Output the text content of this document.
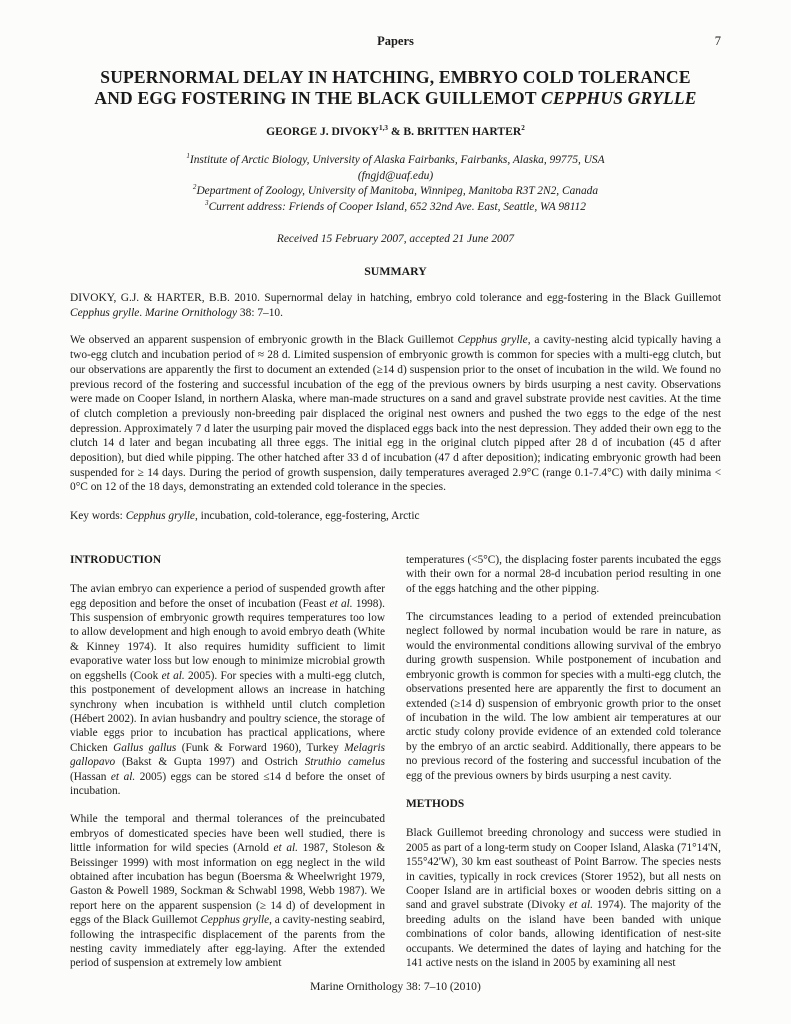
Papers	7
SUPERNORMAL DELAY IN HATCHING, EMBRYO COLD TOLERANCE
AND EGG FOSTERING IN THE BLACK GUILLEMOT CEPPHUS GRYLLE
GEORGE J. DIVOKY$^{1,3}$ & B. BRITTEN HARTER$^2$
$^1$Institute of Arctic Biology, University of Alaska Fairbanks, Fairbanks, Alaska, 99775, USA
(fngjd@uaf.edu)
$^2$Department of Zoology, University of Manitoba, Winnipeg, Manitoba R3T 2N2, Canada
$^3$Current address: Friends of Cooper Island, 652 32nd Ave. East, Seattle, WA 98112
Received 15 February 2007, accepted 21 June 2007
SUMMARY

DIVOKY, G.J. & HARTER, B.B. 2010. Supernormal delay in hatching, embryo cold tolerance and egg-fostering in the Black Guillemot Cepphus grylle. Marine Ornithology 38: 7–10.

We observed an apparent suspension of embryonic growth in the Black Guillemot Cepphus grylle, a cavity-nesting alcid typically having a two-egg clutch and incubation period of ≈ 28 d. Limited suspension of embryonic growth is common for species with a multi-egg clutch, but our observations are apparently the first to document an extended (≥14 d) suspension prior to the onset of incubation in the wild. We found no previous record of the fostering and successful incubation of the egg of the previous owners by birds usurping a nest cavity. Observations were made on Cooper Island, in northern Alaska, where man-made structures on a sand and gravel substrate provide nest cavities. At the time of clutch completion a previously non-breeding pair displaced the original nest owners and pushed the two eggs to the edge of the nest depression. Approximately 7 d later the usurping pair moved the displaced eggs back into the nest depression. They added their own egg to the clutch 14 d later and began incubating all three eggs. The initial egg in the original clutch pipped after 28 d of incubation (45 d after deposition), but died while pipping. The other hatched after 33 d of incubation (47 d after deposition); indicating embryonic growth had been suspended for ≥ 14 days. During the period of growth suspension, daily temperatures averaged 2.9°C (range 0.1-7.4°C) with daily minima < 0°C on 12 of the 18 days, demonstrating an extended cold tolerance in the species.

Key words: Cepphus grylle, incubation, cold-tolerance, egg-fostering, Arctic

INTRODUCTION

The avian embryo can experience a period of suspended growth after egg deposition and before the onset of incubation (Feast et al. 1998). This suspension of embryonic growth requires temperatures too low to allow development and high enough to avoid embryo death (White & Kinney 1974). It also requires humidity sufficient to limit evaporative water loss but low enough to minimize microbial growth on eggshells (Cook et al. 2005). For species with a multi-egg clutch, this postponement of development allows an increase in hatching synchrony when incubation is withheld until clutch completion (Hébert 2002). In avian husbandry and poultry science, the storage of viable eggs prior to incubation has practical applications, where Chicken Gallus gallus (Funk & Forward 1960), Turkey Melagris gallopavo (Bakst & Gupta 1997) and Ostrich Struthio camelus (Hassan et al. 2005) eggs can be stored ≤14 d before the onset of incubation.

While the temporal and thermal tolerances of the preincubated embryos of domesticated species have been well studied, there is little information for wild species (Arnold et al. 1987, Stoleson & Beissinger 1999) with most information on egg neglect in the wild obtained after incubation has begun (Boersma & Wheelwright 1979, Gaston & Powell 1989, Sockman & Schwabl 1998, Webb 1987). We report here on the apparent suspension (≥ 14 d) of development in eggs of the Black Guillemot Cepphus grylle, a cavity-nesting seabird, following the intraspecific displacement of the parents from the nesting cavity immediately after egg-laying. After the extended period of suspension at extremely low ambient

temperatures (<5°C), the displacing foster parents incubated the eggs with their own for a normal 28-d incubation period resulting in one of the eggs hatching and the other pipping.

The circumstances leading to a period of extended preincubation neglect followed by normal incubation would be rare in nature, as would the environmental conditions allowing survival of the embryo during growth suspension. While postponement of incubation and embryonic growth is common for species with a multi-egg clutch, the observations presented here are apparently the first to document an extended (≥14 d) suspension of embryonic growth prior to the onset of incubation in the wild. The low ambient air temperatures at our arctic study colony provide evidence of an extended cold tolerance by the embryo of an arctic seabird. Additionally, there appears to be no previous record of the fostering and successful incubation of the egg of the previous owners by birds usurping a nest cavity.

METHODS

Black Guillemot breeding chronology and success were studied in 2005 as part of a long-term study on Cooper Island, Alaska (71°14'N, 155°42'W), 30 km east southeast of Point Barrow. The species nests in cavities, typically in rock crevices (Storer 1952), but all nests on Cooper Island are in artificial boxes or wooden debris sitting on a sand and gravel substrate (Divoky et al. 1974). The majority of the breeding adults on the island have been banded with unique combinations of color bands, allowing identification of nest-site occupants. We determined the dates of laying and hatching for the 141 active nests on the island in 2005 by examining all nest

Marine Ornithology 38: 7–10 (2010)
